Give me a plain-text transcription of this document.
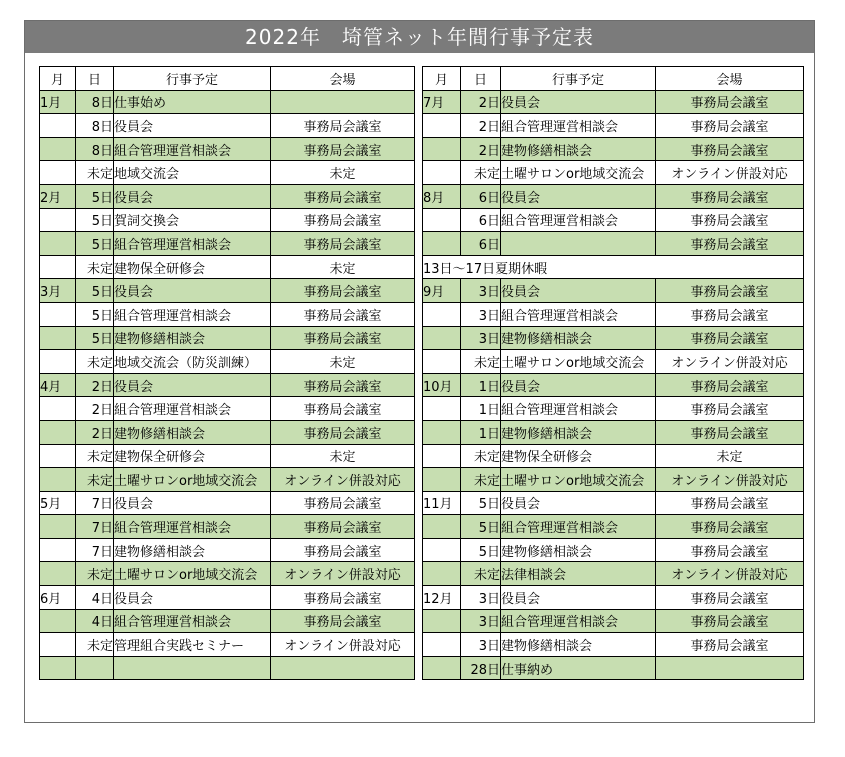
2022年　埼管ネット年間行事予定表
月	日	行事予定	会場
1月	8日	仕事始め	
	8日	役員会	事務局会議室
	8日	組合管理運営相談会	事務局会議室
	未定	地域交流会	未定
2月	5日	役員会	事務局会議室
	5日	賀詞交換会	事務局会議室
	5日	組合管理運営相談会	事務局会議室
	未定	建物保全研修会	未定
3月	5日	役員会	事務局会議室
	5日	組合管理運営相談会	事務局会議室
	5日	建物修繕相談会	事務局会議室
	未定	地域交流会（防災訓練）	未定
4月	2日	役員会	事務局会議室
	2日	組合管理運営相談会	事務局会議室
	2日	建物修繕相談会	事務局会議室
	未定	建物保全研修会	未定
	未定	土曜サロンor地域交流会	オンライン併設対応
5月	7日	役員会	事務局会議室
	7日	組合管理運営相談会	事務局会議室
	7日	建物修繕相談会	事務局会議室
	未定	土曜サロンor地域交流会	オンライン併設対応
6月	4日	役員会	事務局会議室
	4日	組合管理運営相談会	事務局会議室
	未定	管理組合実践セミナー	オンライン併設対応

月	日	行事予定	会場
7月	2日	役員会	事務局会議室
	2日	組合管理運営相談会	事務局会議室
	2日	建物修繕相談会	事務局会議室
	未定	土曜サロンor地域交流会	オンライン併設対応
8月	6日	役員会	事務局会議室
	6日	組合管理運営相談会	事務局会議室
	6日		事務局会議室
13日～17日夏期休暇			
9月	3日	役員会	事務局会議室
	3日	組合管理運営相談会	事務局会議室
	3日	建物修繕相談会	事務局会議室
	未定	土曜サロンor地域交流会	オンライン併設対応
10月	1日	役員会	事務局会議室
	1日	組合管理運営相談会	事務局会議室
	1日	建物修繕相談会	事務局会議室
	未定	建物保全研修会	未定
	未定	土曜サロンor地域交流会	オンライン併設対応
11月	5日	役員会	事務局会議室
	5日	組合管理運営相談会	事務局会議室
	5日	建物修繕相談会	事務局会議室
	未定	法律相談会	オンライン併設対応
12月	3日	役員会	事務局会議室
	3日	組合管理運営相談会	事務局会議室
	3日	建物修繕相談会	事務局会議室
	28日	仕事納め	
